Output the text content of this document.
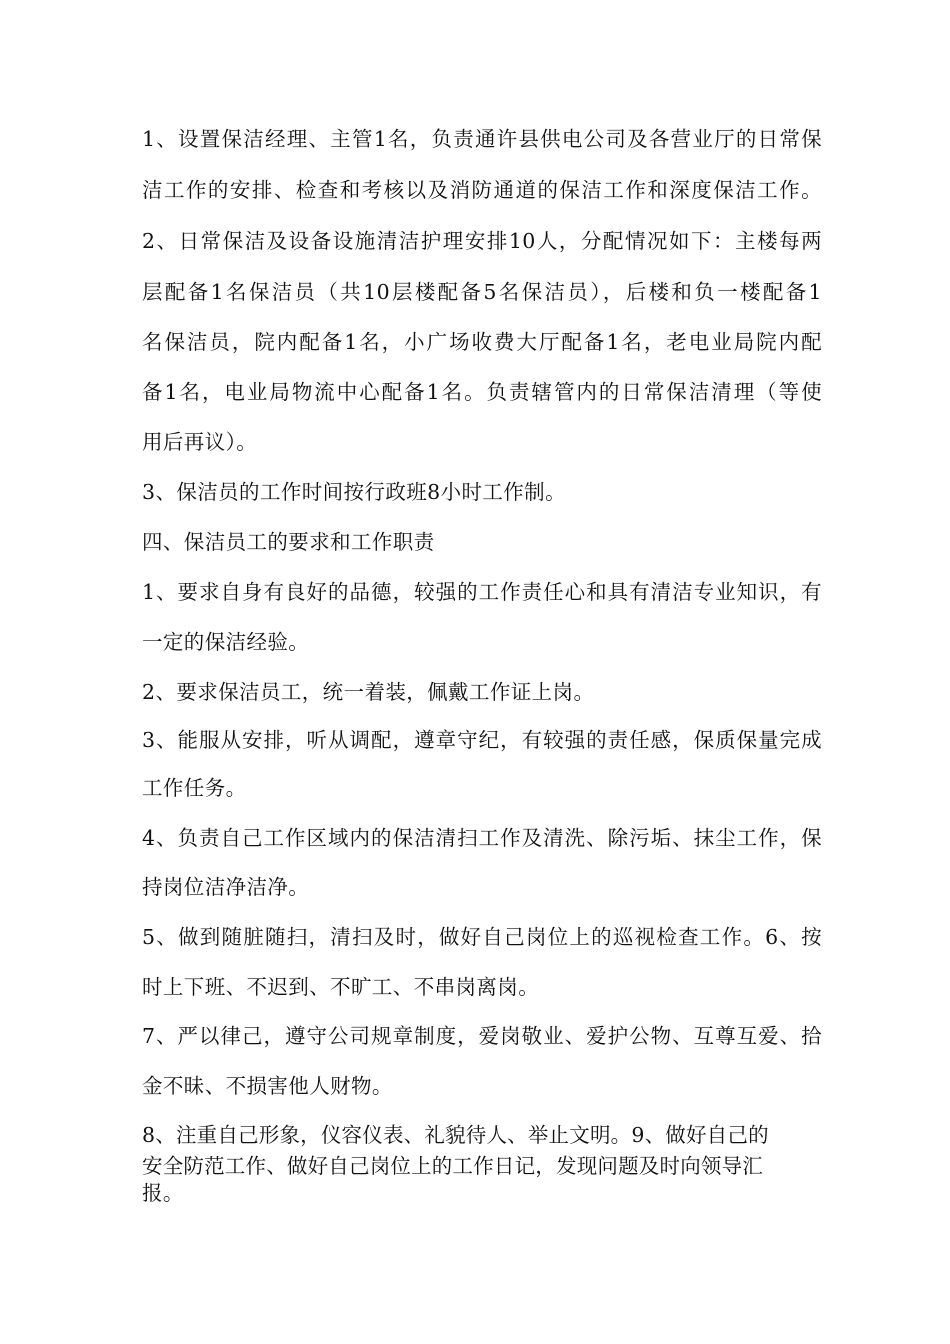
1、设置保洁经理、主管1名，负责通许县供电公司及各营业厅的日常保
洁工作的安排、检查和考核以及消防通道的保洁工作和深度保洁工作。
2、日常保洁及设备设施清洁护理安排10人，分配情况如下：主楼每两
层配备1名保洁员（共10层楼配备5名保洁员），后楼和负一楼配备1
名保洁员，院内配备1名，小广场收费大厅配备1名，老电业局院内配
备1名，电业局物流中心配备1名。负责辖管内的日常保洁清理（等使
用后再议）。
3、保洁员的工作时间按行政班8小时工作制。
四、保洁员工的要求和工作职责
1、要求自身有良好的品德，较强的工作责任心和具有清洁专业知识，有
一定的保洁经验。
2、要求保洁员工，统一着装，佩戴工作证上岗。
3、能服从安排，听从调配，遵章守纪，有较强的责任感，保质保量完成
工作任务。
4、负责自己工作区域内的保洁清扫工作及清洗、除污垢、抹尘工作，保
持岗位洁净洁净。
5、做到随脏随扫，清扫及时，做好自己岗位上的巡视检查工作。6、按
时上下班、不迟到、不旷工、不串岗离岗。
7、严以律己，遵守公司规章制度，爱岗敬业、爱护公物、互尊互爱、拾
金不昧、不损害他人财物。
8、注重自己形象，仪容仪表、礼貌待人、举止文明。9、做好自己的
安全防范工作、做好自己岗位上的工作日记，发现问题及时向领导汇
报。
